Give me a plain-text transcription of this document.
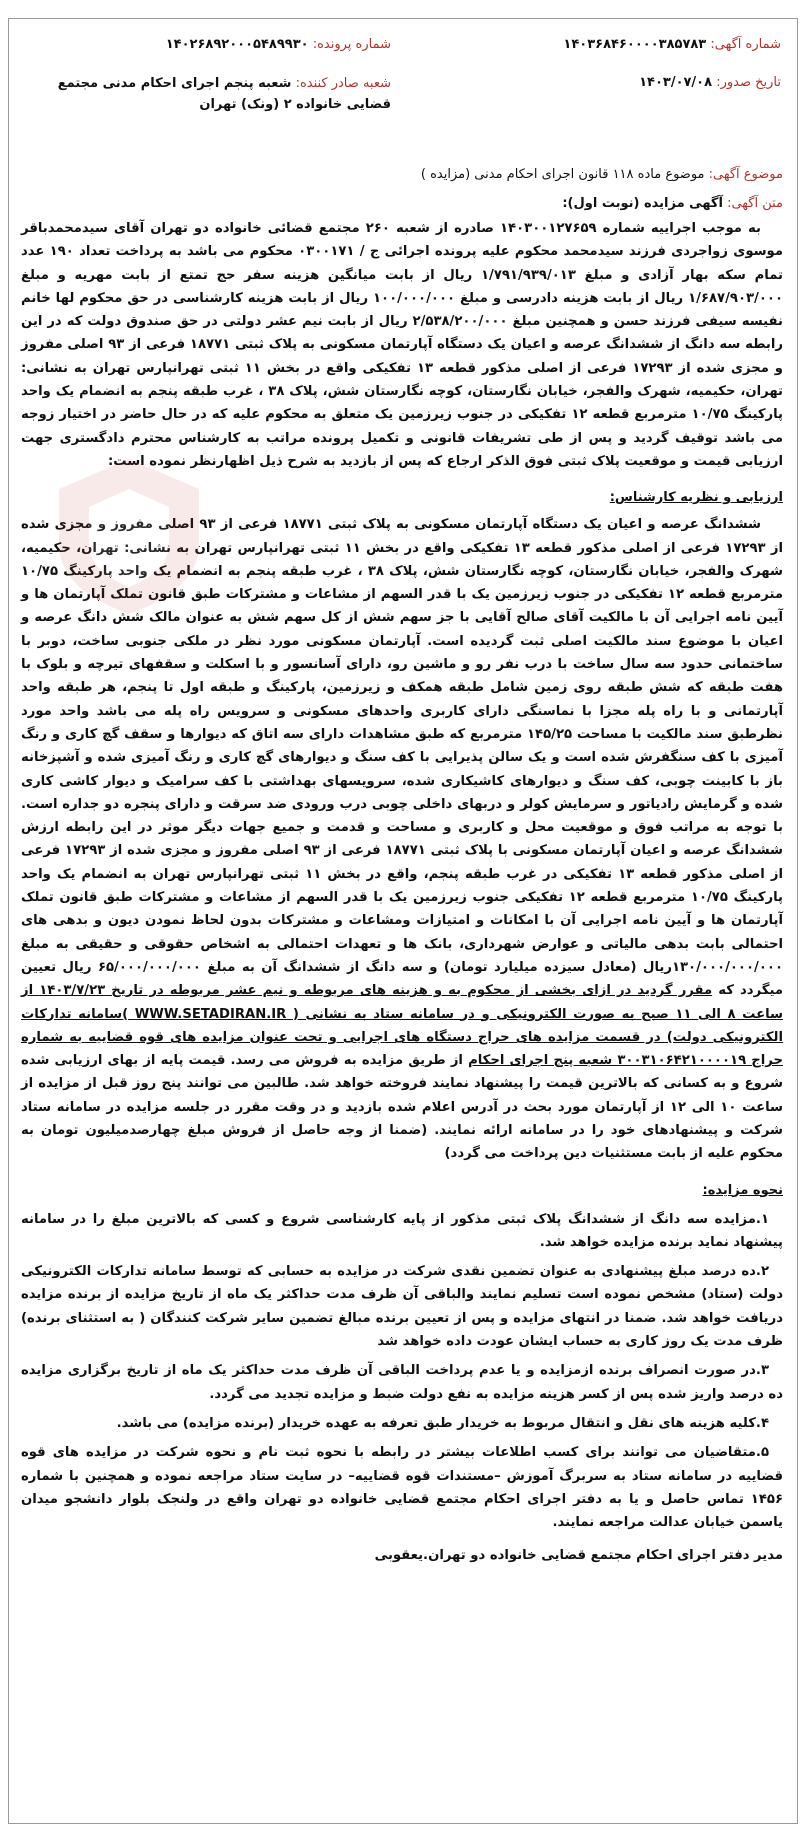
شماره آگهی: ۱۴۰۳۶۸۴۶۰۰۰۰۳۸۵۷۸۳
شماره پرونده: ۱۴۰۲۶۸۹۲۰۰۰۵۴۸۹۹۳۰
تاریخ صدور: ۱۴۰۳/۰۷/۰۸
شعبه صادر کننده: شعبه پنجم اجرای احکام مدنی مجتمع قضایی خانواده ۲ (ونک) تهران
موضوع آگهی: موضوع ماده ۱۱۸ قانون اجرای احکام مدنی (مزایده )
متن آگهی: آگهی مزایده (نوبت اول):

به موجب اجراییه شماره ۱۴۰۳۰۰۱۲۷۶۵۹ صادره از شعبه ۲۶۰ مجتمع قضائی خانواده دو تهران آقای سیدمحمدباقر موسوی زواجردی فرزند سیدمحمد محکوم علیه پرونده اجرائی ج / ۰۳۰۰۱۷۱ محکوم می باشد به پرداخت تعداد ۱۹۰ عدد تمام سکه بهار آزادی و مبلغ ۱/۷۹۱/۹۳۹/۰۱۳ ریال از بابت میانگین هزینه سفر حج تمتع از بابت مهریه و مبلغ ۱/۶۸۷/۹۰۳/۰۰۰ ریال از بابت هزینه دادرسی و مبلغ ۱۰۰/۰۰۰/۰۰۰ ریال از بابت هزینه کارشناسی در حق محکوم لها خانم نفیسه سیفی فرزند حسن و همچنین مبلغ ۲/۵۳۸/۲۰۰/۰۰۰ ریال از بابت نیم عشر دولتی در حق صندوق دولت که در این رابطه سه دانگ از ششدانگ عرصه و اعیان یک دستگاه آپارتمان مسکونی به پلاک ثبتی ۱۸۷۷۱ فرعی از ۹۳ اصلی مفروز و مجزی شده از ۱۷۲۹۳ فرعی از اصلی مذکور قطعه ۱۳ تفکیکی واقع در بخش ۱۱ ثبتی تهرانپارس تهران به نشانی: تهران، حکیمیه، شهرک والفجر، خیابان نگارستان، کوچه نگارستان شش، پلاک ۳۸ ، غرب طبقه پنجم به انضمام یک واحد پارکینگ ۱۰/۷۵ مترمربع قطعه ۱۲ تفکیکی در جنوب زیرزمین یک متعلق به محکوم علیه که در حال حاضر در اختیار زوجه می باشد توقیف گردید و پس از طی تشریفات قانونی و تکمیل پرونده مراتب به کارشناس محترم دادگستری جهت ارزیابی قیمت و موقعیت پلاک ثبتی فوق الذکر ارجاع که پس از بازدید به شرح ذیل اظهارنظر نموده است:

ارزیابی و نظریه کارشناس:

ششدانگ عرصه و اعیان یک دستگاه آپارتمان مسکونی به پلاک ثبتی ۱۸۷۷۱ فرعی از ۹۳ اصلی مفروز و مجزی شده از ۱۷۲۹۳ فرعی از اصلی مذکور قطعه ۱۳ تفکیکی واقع در بخش ۱۱ ثبتی تهرانپارس تهران به نشانی: تهران، حکیمیه، شهرک والفجر، خیابان نگارستان، کوچه نگارستان شش، پلاک ۳۸ ، غرب طبقه پنجم به انضمام یک واحد پارکینگ ۱۰/۷۵ مترمربع قطعه ۱۲ تفکیکی در جنوب زیرزمین یک با قدر السهم از مشاعات و مشترکات طبق قانون تملک آپارتمان ها و آیین نامه اجرایی آن با مالکیت آقای صالح آقایی با جز سهم شش از کل سهم شش به عنوان مالک شش دانگ عرصه و اعیان با موضوع سند مالکیت اصلی ثبت گردیده است. آپارتمان مسکونی مورد نظر در ملکی جنوبی ساخت، دوبر با ساختمانی حدود سه سال ساخت با درب نفر رو و ماشین رو، دارای آسانسور و با اسکلت و سقفهای تیرچه و بلوک با هفت طبقه که شش طبقه روی زمین شامل طبقه همکف و زیرزمین، پارکینگ و طبقه اول تا پنجم، هر طبقه واحد آپارتمانی و با راه پله مجزا با نماسنگی دارای کاربری واحدهای مسکونی و سرویس راه پله می باشد واحد مورد نظرطبق سند مالکیت با مساحت ۱۴۵/۲۵ مترمربع که طبق مشاهدات دارای سه اتاق که دیوارها و سقف گچ کاری و رنگ آمیزی با کف سنگفرش شده است و یک سالن پذیرایی با کف سنگ و دیوارهای گچ کاری و رنگ آمیزی شده و آشپزخانه باز با کابینت چوبی، کف سنگ و دیوارهای کاشیکاری شده، سرویسهای بهداشتی با کف سرامیک و دیوار کاشی کاری شده و گرمایش رادیاتور و سرمایش کولر و دربهای داخلی چوبی درب ورودی ضد سرقت و دارای پنجره دو جداره است. با توجه به مراتب فوق و موقعیت محل و کاربری و مساحت و قدمت و جمیع جهات دیگر موثر در این رابطه ارزش ششدانگ عرصه و اعیان آپارتمان مسکونی با پلاک ثبتی ۱۸۷۷۱ فرعی از ۹۳ اصلی مفروز و مجزی شده از ۱۷۲۹۳ فرعی از اصلی مذکور قطعه ۱۳ تفکیکی در غرب طبقه پنجم، واقع در بخش ۱۱ ثبتی تهرانپارس تهران به انضمام یک واحد پارکینگ ۱۰/۷۵ مترمربع قطعه ۱۲ تفکیکی جنوب زیرزمین یک با قدر السهم از مشاعات و مشترکات طبق قانون تملک آپارتمان ها و آیین نامه اجرایی آن با امکانات و امتیازات ومشاعات و مشترکات بدون لحاظ نمودن دیون و بدهی های احتمالی بابت بدهی مالیاتی و عوارض شهرداری، بانک ها و تعهدات احتمالی به اشخاص حقوقی و حقیقی به مبلغ ۱۳۰/۰۰۰/۰۰۰/۰۰۰ریال (معادل سیزده میلیارد تومان) و سه دانگ از ششدانگ آن به مبلغ ۶۵/۰۰۰/۰۰۰/۰۰۰ ریال تعیین میگردد که مقرر گردید در ازای بخشی از محکوم به و هزینه های مربوطه و نیم عشر مربوطه در تاریخ ۱۴۰۳/۷/۲۳ از ساعت ۸ الی ۱۱ صبح به صورت الکترونیکی و در سامانه ستاد به نشانی ( WWW.SETADIRAN.IR )سامانه تدارکات الکترونیکی دولت) در قسمت مزایده های حراج دستگاه های اجرایی و تحت عنوان مزایده های قوه قضاییه به شماره حراج ۳۰۰۳۱۰۶۴۲۱۰۰۰۰۱۹ شعبه پنج اجرای احکام از طریق مزایده به فروش می رسد. قیمت پایه از بهای ارزیابی شده شروع و به کسانی که بالاترین قیمت را پیشنهاد نمایند فروخته خواهد شد. طالبین می توانند پنج روز قبل از مزایده از ساعت ۱۰ الی ۱۲ از آپارتمان مورد بحث در آدرس اعلام شده بازدید و در وقت مقرر در جلسه مزایده در سامانه ستاد شرکت و پیشنهادهای خود را در سامانه ارائه نمایند. (ضمنا از وجه حاصل از فروش مبلغ چهارصدمیلیون تومان به محکوم علیه از بابت مستثنیات دین پرداخت می گردد)

نحوه مزایده:

۱.مزایده سه دانگ از ششدانگ پلاک ثبتی مذکور از پایه کارشناسی شروع و کسی که بالاترین مبلغ را در سامانه پیشنهاد نماید برنده مزایده خواهد شد.

۲.ده درصد مبلغ پیشنهادی به عنوان تضمین نقدی شرکت در مزایده به حسابی که توسط سامانه تدارکات الکترونیکی دولت (ستاد) مشخص نموده است تسلیم نمایند والباقی آن ظرف مدت حداکثر یک ماه از تاریخ مزایده از برنده مزایده دریافت خواهد شد. ضمنا در انتهای مزایده و پس از تعیین برنده مبالغ تضمین سایر شرکت کنندگان ( به استثنای برنده) ظرف مدت یک روز کاری به حساب ایشان عودت داده خواهد شد

۳.در صورت انصراف برنده ازمزایده و یا عدم پرداخت الباقی آن ظرف مدت حداکثر یک ماه از تاریخ برگزاری مزایده ده درصد واریز شده پس از کسر هزینه مزایده به نفع دولت ضبط و مزایده تجدید می گردد.

۴.کلیه هزینه های نقل و انتقال مربوط به خریدار طبق تعرفه به عهده خریدار (برنده مزایده) می باشد.

۵.متقاضیان می توانند برای کسب اطلاعات بیشتر در رابطه با نحوه ثبت نام و نحوه شرکت در مزایده های قوه قضاییه در سامانه ستاد به سربرگ آموزش –مستندات قوه قضاییه– در سایت ستاد مراجعه نموده و همچنین با شماره ۱۴۵۶ تماس حاصل و یا به دفتر اجرای احکام مجتمع قضایی خانواده دو تهران واقع در ولنجک بلوار دانشجو میدان یاسمن خیابان عدالت مراجعه نمایند.

مدیر دفتر اجرای احکام مجتمع قضایی خانواده دو تهران.یعقوبی
